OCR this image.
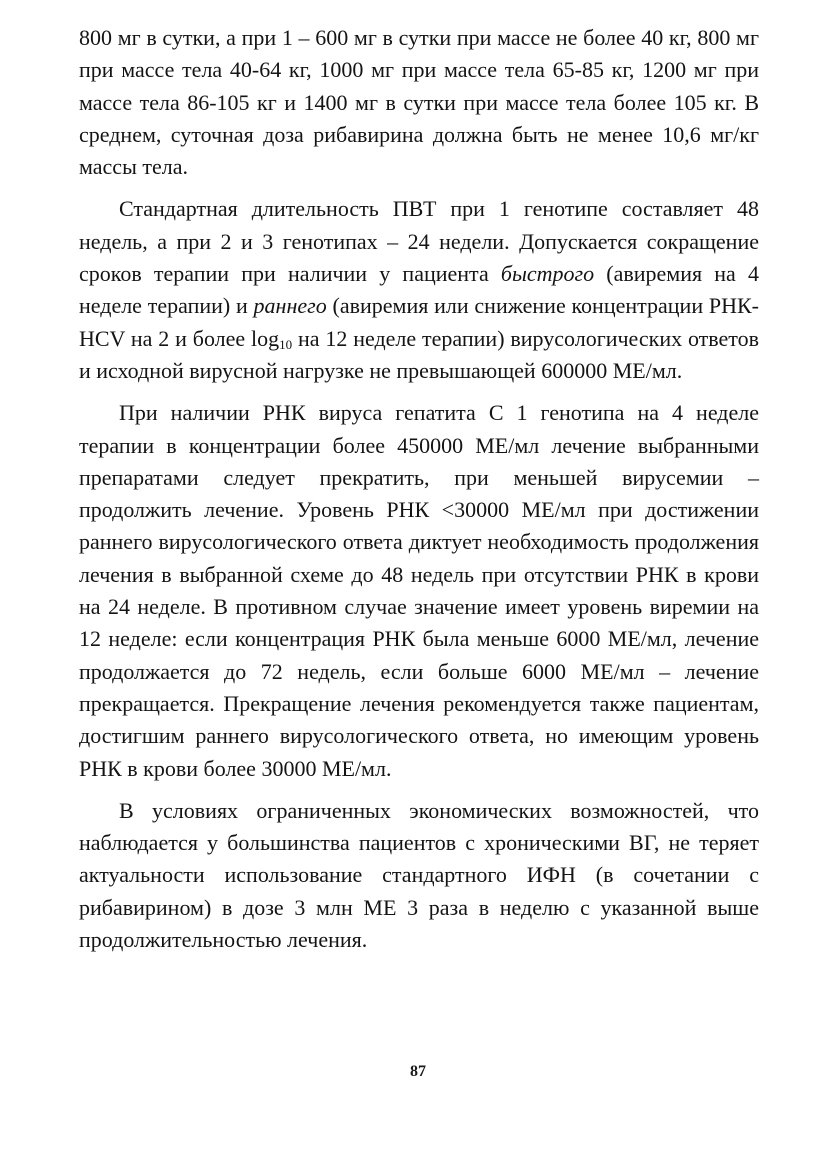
800 мг в сутки, а при 1 – 600 мг в сутки при массе не более 40 кг, 800 мг при массе тела 40-64 кг, 1000 мг при массе тела 65-85 кг, 1200 мг при массе тела 86-105 кг и 1400 мг в сутки при массе тела более 105 кг. В среднем, суточная доза рибавирина должна быть не менее 10,6 мг/кг массы тела.

Стандартная длительность ПВТ при 1 генотипе составляет 48 недель, а при 2 и 3 генотипах – 24 недели. Допускается сокращение сроков терапии при наличии у пациента быстрого (авиремия на 4 неделе терапии) и раннего (авиремия или снижение концентрации РНК-HCV на 2 и более $\log_{10}$ на 12 неделе терапии) вирусологических ответов и исходной вирусной нагрузке не превышающей 600000 МЕ/мл.

При наличии РНК вируса гепатита С 1 генотипа на 4 неделе терапии в концентрации более 450000 МЕ/мл лечение выбранными препаратами следует прекратить, при меньшей вирусемии – продолжить лечение. Уровень РНК <30000 МЕ/мл при достижении раннего вирусологического ответа диктует необходимость продолжения лечения в выбранной схеме до 48 недель при отсутствии РНК в крови на 24 неделе. В противном случае значение имеет уровень виремии на 12 неделе: если концентрация РНК была меньше 6000 МЕ/мл, лечение продолжается до 72 недель, если больше 6000 МЕ/мл – лечение прекращается. Прекращение лечения рекомендуется также пациентам, достигшим раннего вирусологического ответа, но имеющим уровень РНК в крови более 30000 МЕ/мл.

В условиях ограниченных экономических возможностей, что наблюдается у большинства пациентов с хроническими ВГ, не теряет актуальности использование стандартного ИФН (в сочетании с рибавирином) в дозе 3 млн МЕ 3 раза в неделю с указанной выше продолжительностью лечения.

87
